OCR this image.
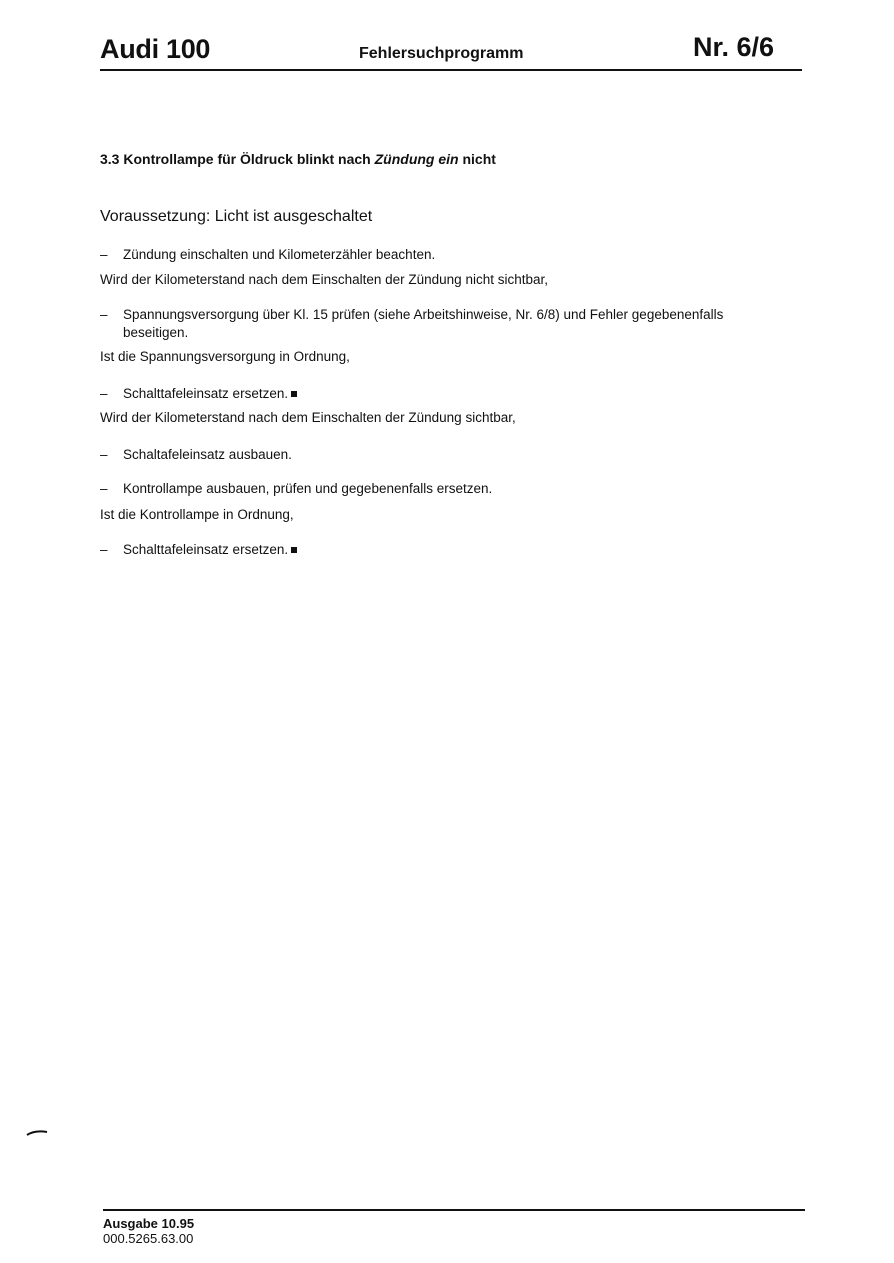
Audi 100	Fehlersuchprogramm	Nr. 6/6
3.3 Kontrollampe für Öldruck blinkt nach Zündung ein nicht
Voraussetzung: Licht ist ausgeschaltet
–	Zündung einschalten und Kilometerzähler beachten.
Wird der Kilometerstand nach dem Einschalten der Zündung nicht sichtbar,
–	Spannungsversorgung über Kl. 15 prüfen (siehe Arbeitshinweise, Nr. 6/8) und Fehler gegebenenfalls beseitigen.
Ist die Spannungsversorgung in Ordnung,
–	Schalttafeleinsatz ersetzen.
Wird der Kilometerstand nach dem Einschalten der Zündung sichtbar,
–	Schaltafeleinsatz ausbauen.
–	Kontrollampe ausbauen, prüfen und gegebenenfalls ersetzen.
Ist die Kontrollampe in Ordnung,
–	Schalttafeleinsatz ersetzen.
Ausgabe 10.95
000.5265.63.00
